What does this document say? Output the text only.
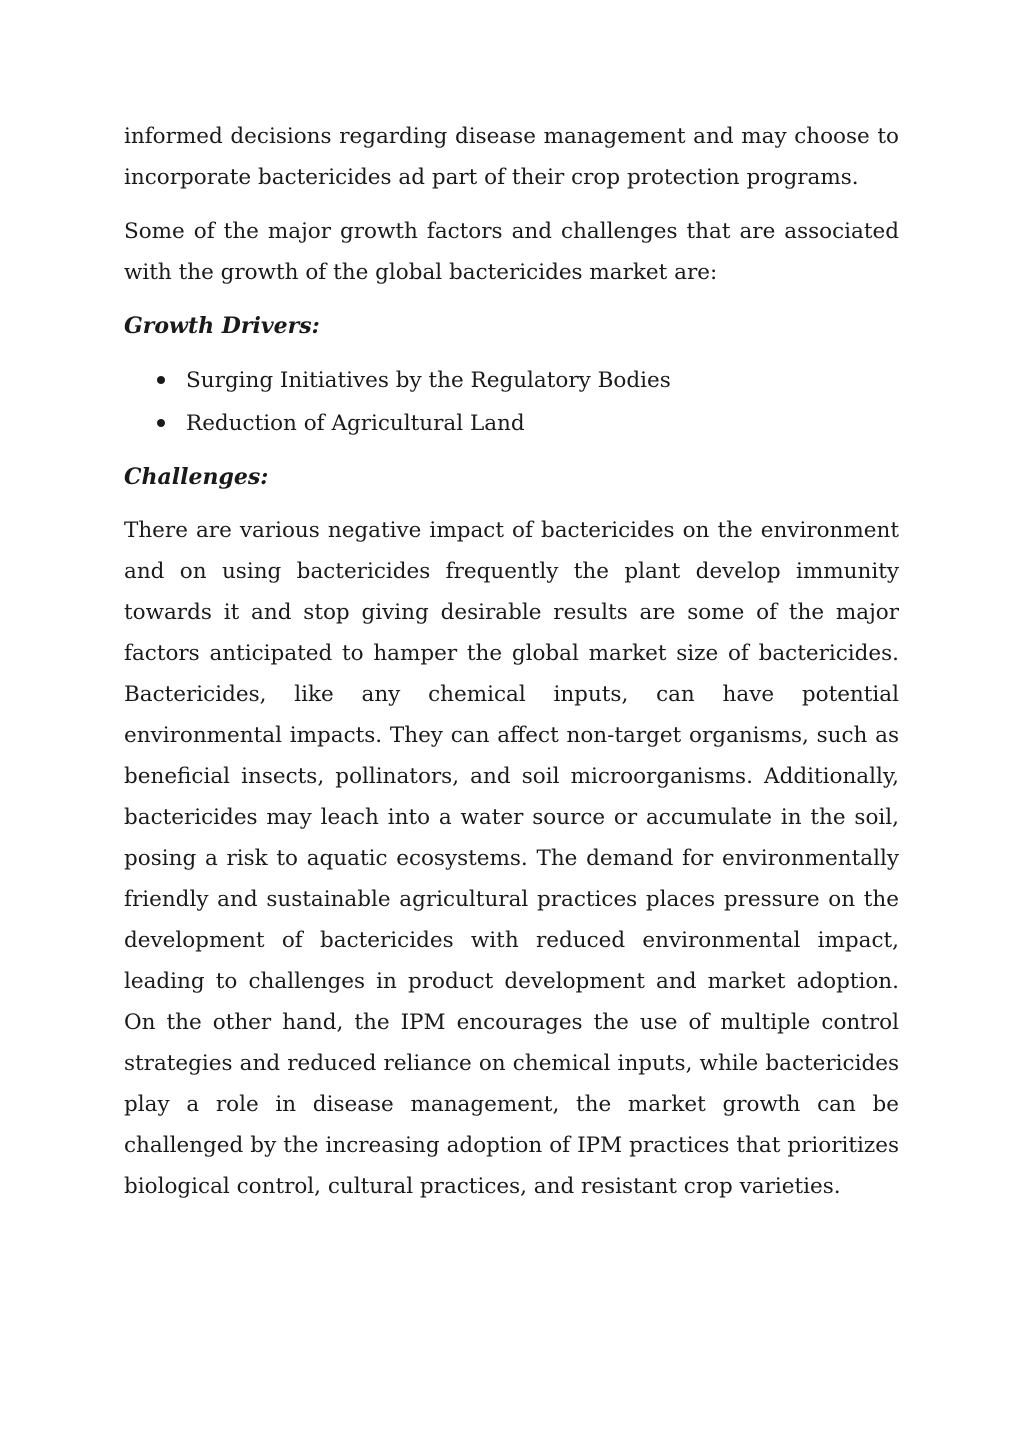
informed decisions regarding disease management and may choose to incorporate bactericides ad part of their crop protection programs.

Some of the major growth factors and challenges that are associated with the growth of the global bactericides market are:

Growth Drivers:

Surging Initiatives by the Regulatory Bodies
Reduction of Agricultural Land

Challenges:

There are various negative impact of bactericides on the environment and on using bactericides frequently the plant develop immunity towards it and stop giving desirable results are some of the major factors anticipated to hamper the global market size of bactericides. Bactericides, like any chemical inputs, can have potential environmental impacts. They can affect non-target organisms, such as beneficial insects, pollinators, and soil microorganisms. Additionally, bactericides may leach into a water source or accumulate in the soil, posing a risk to aquatic ecosystems. The demand for environmentally friendly and sustainable agricultural practices places pressure on the development of bactericides with reduced environmental impact, leading to challenges in product development and market adoption. On the other hand, the IPM encourages the use of multiple control strategies and reduced reliance on chemical inputs, while bactericides play a role in disease management, the market growth can be challenged by the increasing adoption of IPM practices that prioritizes biological control, cultural practices, and resistant crop varieties.
